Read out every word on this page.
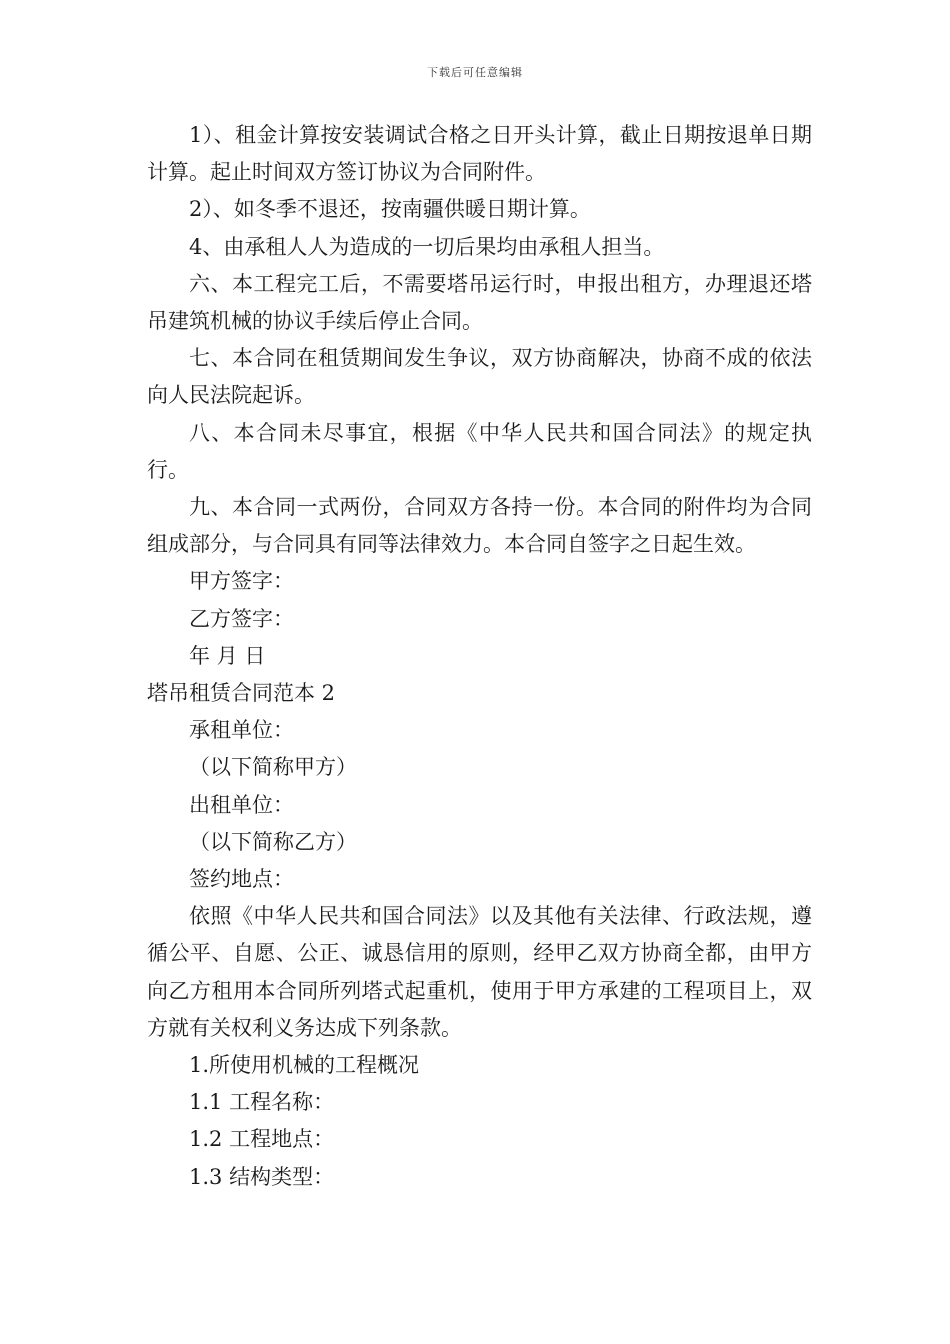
下载后可任意编辑

1）、租金计算按安装调试合格之日开头计算，截止日期按退单日期计算。起止时间双方签订协议为合同附件。

2）、如冬季不退还，按南疆供暖日期计算。

4、由承租人人为造成的一切后果均由承租人担当。

六、本工程完工后，不需要塔吊运行时，申报出租方，办理退还塔吊建筑机械的协议手续后停止合同。

七、本合同在租赁期间发生争议，双方协商解决，协商不成的依法向人民法院起诉。

八、本合同未尽事宜，根据《中华人民共和国合同法》的规定执行。

九、本合同一式两份，合同双方各持一份。本合同的附件均为合同组成部分，与合同具有同等法律效力。本合同自签字之日起生效。

甲方签字：

乙方签字：

年 月 日

塔吊租赁合同范本 2

承租单位：

（以下简称甲方）

出租单位：

（以下简称乙方）

签约地点：

依照《中华人民共和国合同法》以及其他有关法律、行政法规，遵循公平、自愿、公正、诚恳信用的原则，经甲乙双方协商全都，由甲方向乙方租用本合同所列塔式起重机，使用于甲方承建的工程项目上，双方就有关权利义务达成下列条款。

1.所使用机械的工程概况

1.1 工程名称：

1.2 工程地点：

1.3 结构类型：
